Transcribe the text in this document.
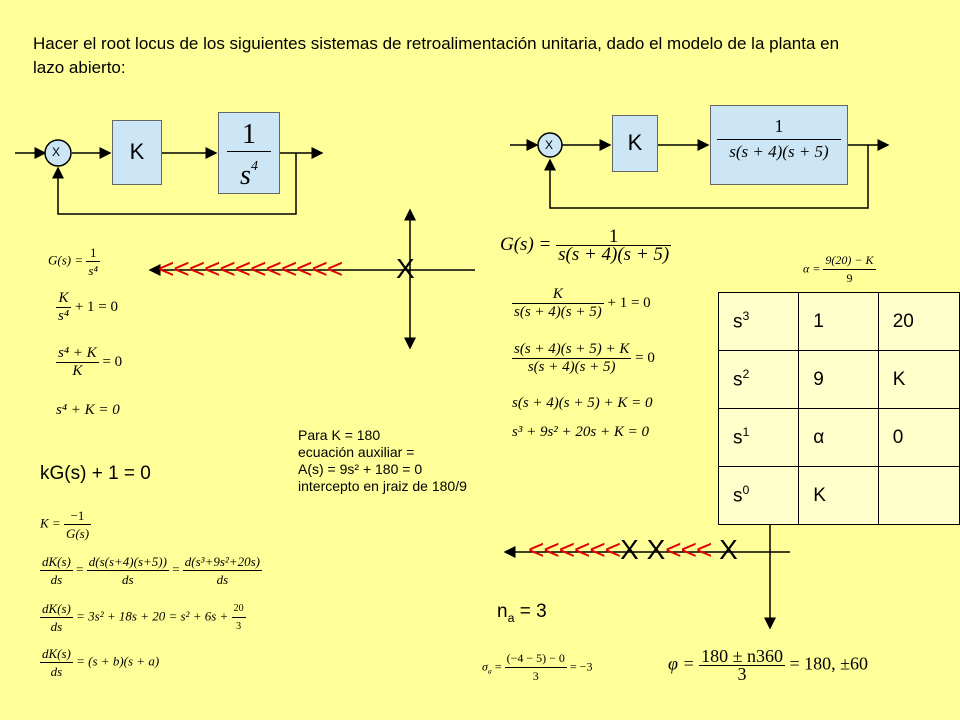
Hacer el root locus de los siguientes sistemas de retroalimentación unitaria, dado el modelo de la planta en lazo abierto:
X	K
1
$s^4$
X	K
1
s(s + 4)(s + 5)
<<<<<<<<<<<< X
$G(s) = \frac{1}{\text{s⁴}}$
$\frac{K}{\text{s⁴}} + 1 = 0$
$\frac{\text{s⁴ + K}}{K} = 0$
s⁴ + K = 0
kG(s) + 1 = 0
Para K = 180
ecuación auxiliar =
A(s) = 9s² + 180 = 0
intercepto en jraiz de 180/9
$K = \frac{-1}{G(s)}$
$\frac{dK(s)}{ds} = \frac{d(s(s+4)(s+5))}{ds} = \frac{\text{d(s³+9s²+20s)}}{ds}$
$\frac{dK(s)}{ds} = 3s^2 + 18s + 20 = s^2 + 6s + \frac{20}{3}$
$\frac{dK(s)}{ds} = (s + b)(s + a)$
$G(s) = \frac{1}{s(s + 4)(s + 5)}$
$\frac{K}{s(s + 4)(s + 5)} + 1 = 0$
$\frac{s(s + 4)(s + 5) + K}{s(s + 4)(s + 5)} = 0$
s(s + 4)(s + 5) + K = 0
s³ + 9s² + 20s + K = 0
$\alpha = \frac{9(20) - K}{9}$
$s^3$	1	20
$s^2$	9	K
$s^1$	α	0
$s^0$	K	
<<<<<<X X<<< X
$n_a = 3$
$\sigma_a = \frac{(-4 - 5) - 0}{3} = -3$	$\varphi = \frac{180 \pm n360}{3} = 180$, ±60
